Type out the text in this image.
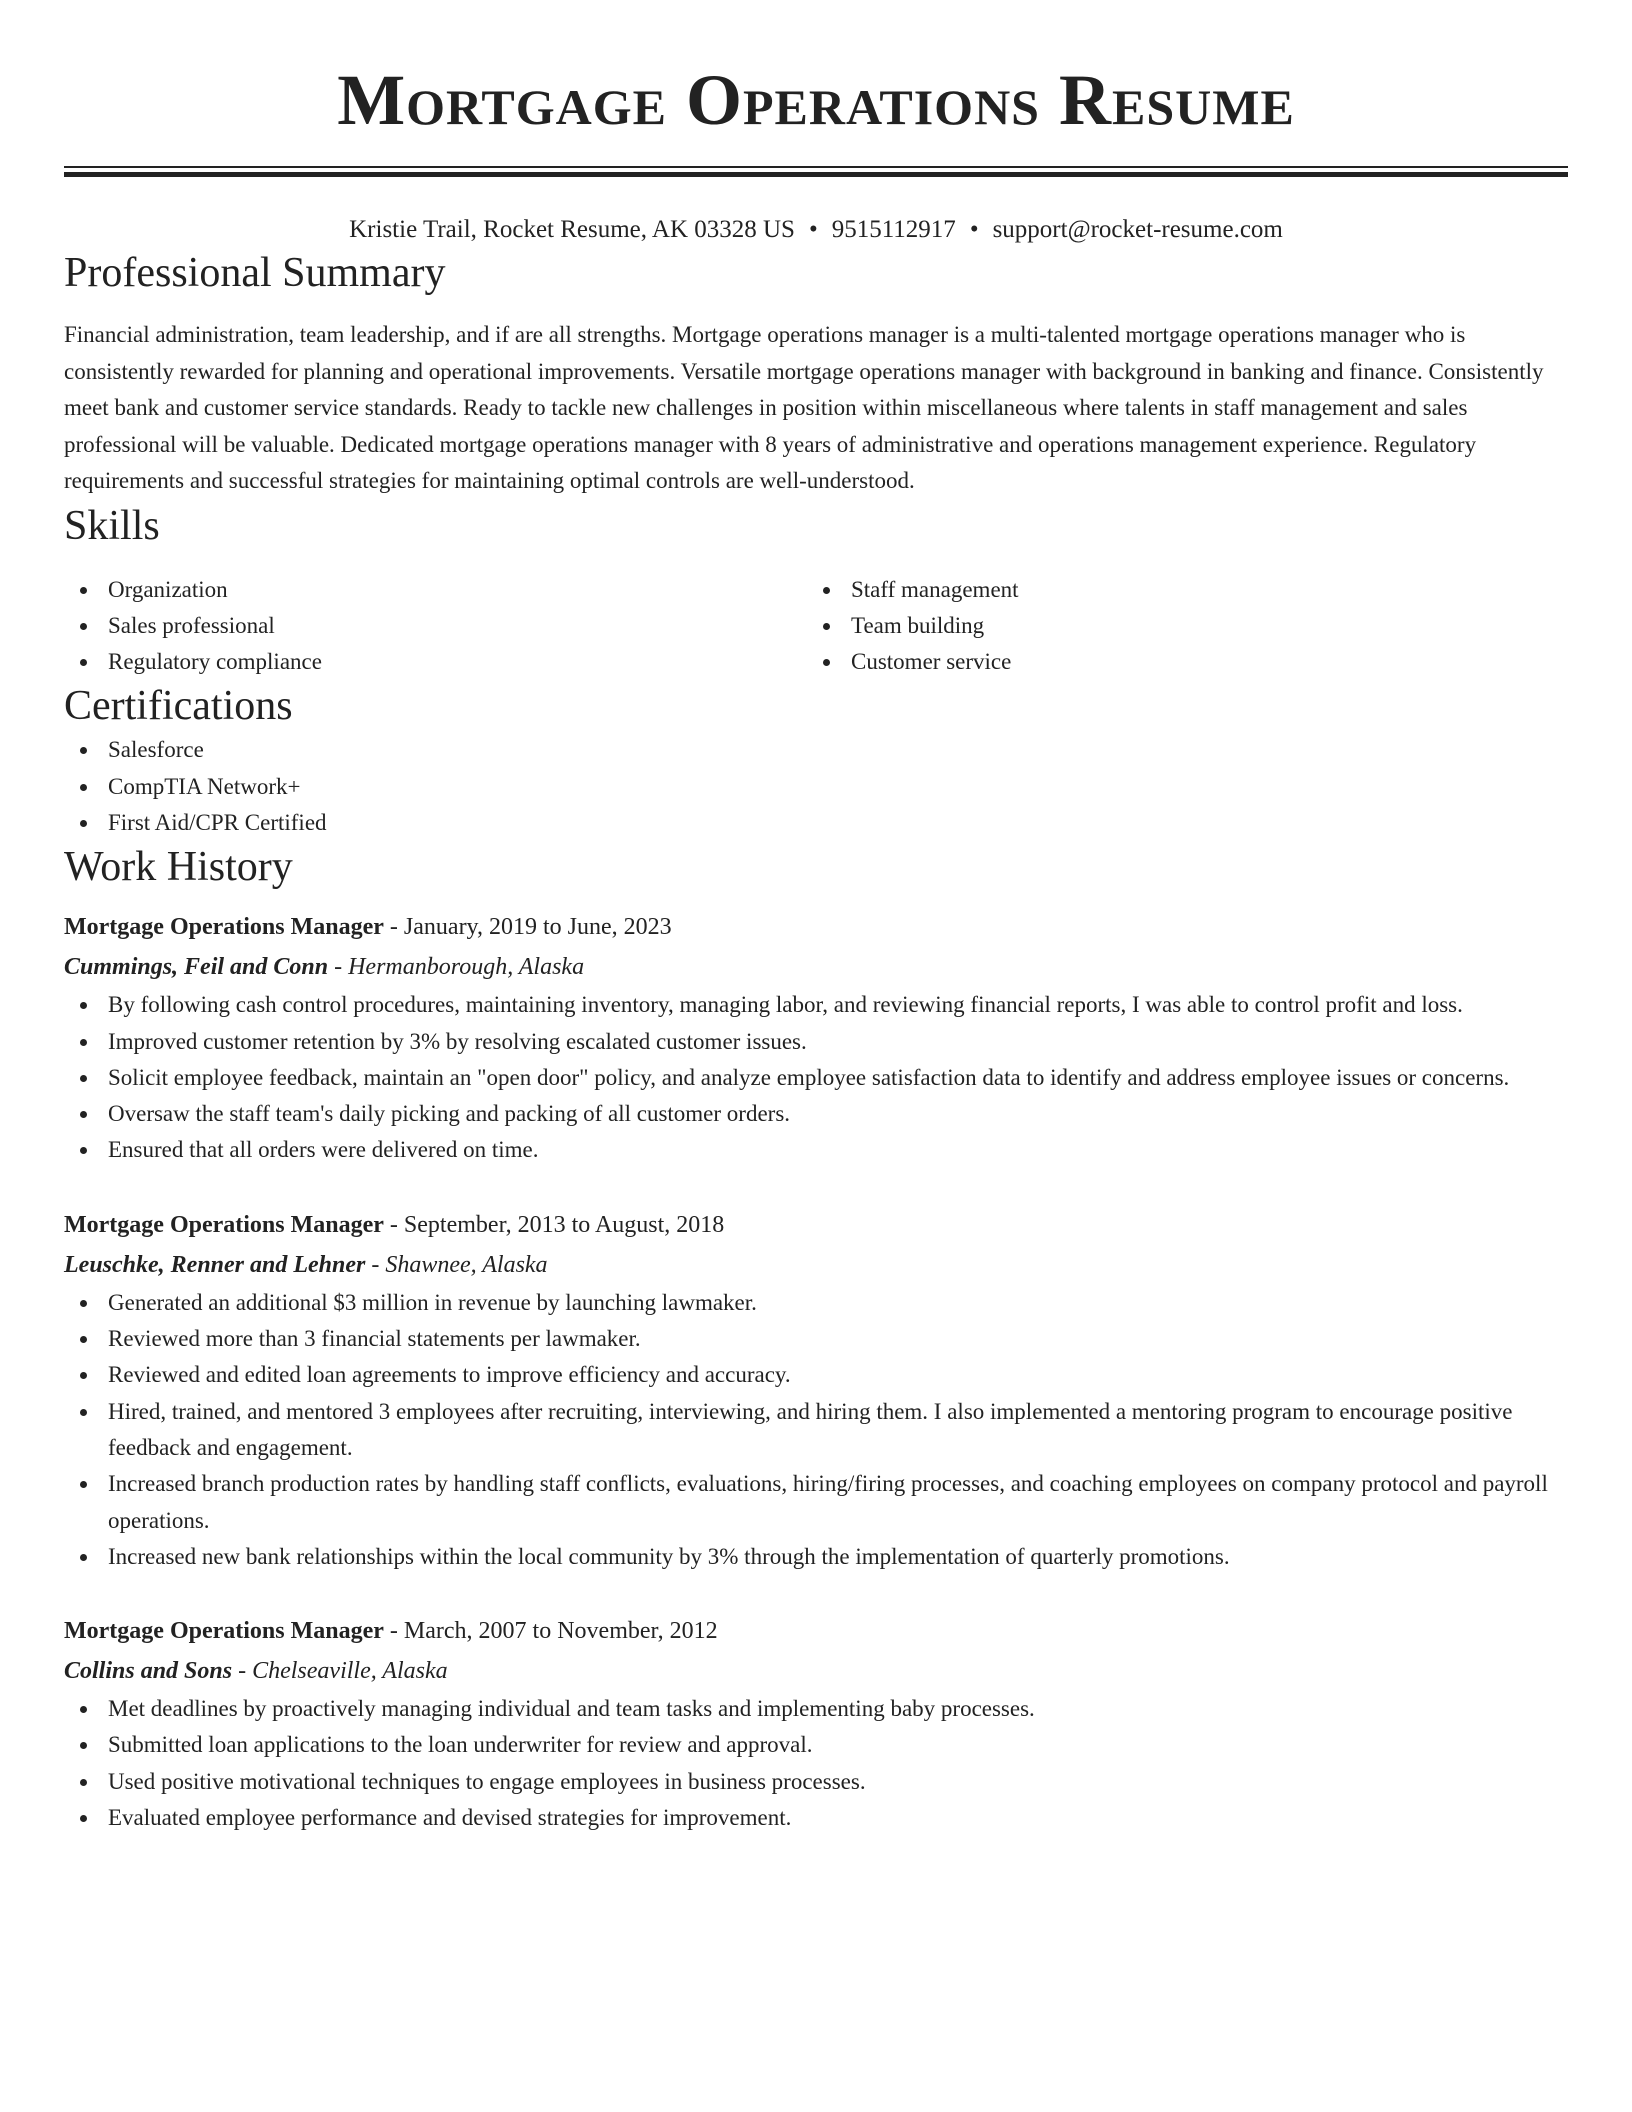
Mortgage Operations Resume
Kristie Trail, Rocket Resume, AK 03328 US • 9515112917 • support@rocket-resume.com
Professional Summary
Financial administration, team leadership, and if are all strengths. Mortgage operations manager is a multi-talented mortgage operations manager who is consistently rewarded for planning and operational improvements. Versatile mortgage operations manager with background in banking and finance. Consistently meet bank and customer service standards. Ready to tackle new challenges in position within miscellaneous where talents in staff management and sales professional will be valuable. Dedicated mortgage operations manager with 8 years of administrative and operations management experience. Regulatory requirements and successful strategies for maintaining optimal controls are well-understood.
Skills
Organization
Sales professional
Regulatory compliance
Staff management
Team building
Customer service
Certifications
Salesforce
CompTIA Network+
First Aid/CPR Certified
Work History
Mortgage Operations Manager - January, 2019 to June, 2023
Cummings, Feil and Conn - Hermanborough, Alaska
By following cash control procedures, maintaining inventory, managing labor, and reviewing financial reports, I was able to control profit and loss.
Improved customer retention by 3% by resolving escalated customer issues.
Solicit employee feedback, maintain an "open door" policy, and analyze employee satisfaction data to identify and address employee issues or concerns.
Oversaw the staff team's daily picking and packing of all customer orders.
Ensured that all orders were delivered on time.
Mortgage Operations Manager - September, 2013 to August, 2018
Leuschke, Renner and Lehner - Shawnee, Alaska
Generated an additional $3 million in revenue by launching lawmaker.
Reviewed more than 3 financial statements per lawmaker.
Reviewed and edited loan agreements to improve efficiency and accuracy.
Hired, trained, and mentored 3 employees after recruiting, interviewing, and hiring them. I also implemented a mentoring program to encourage positive feedback and engagement.
Increased branch production rates by handling staff conflicts, evaluations, hiring/firing processes, and coaching employees on company protocol and payroll operations.
Increased new bank relationships within the local community by 3% through the implementation of quarterly promotions.
Mortgage Operations Manager - March, 2007 to November, 2012
Collins and Sons - Chelseaville, Alaska
Met deadlines by proactively managing individual and team tasks and implementing baby processes.
Submitted loan applications to the loan underwriter for review and approval.
Used positive motivational techniques to engage employees in business processes.
Evaluated employee performance and devised strategies for improvement.
